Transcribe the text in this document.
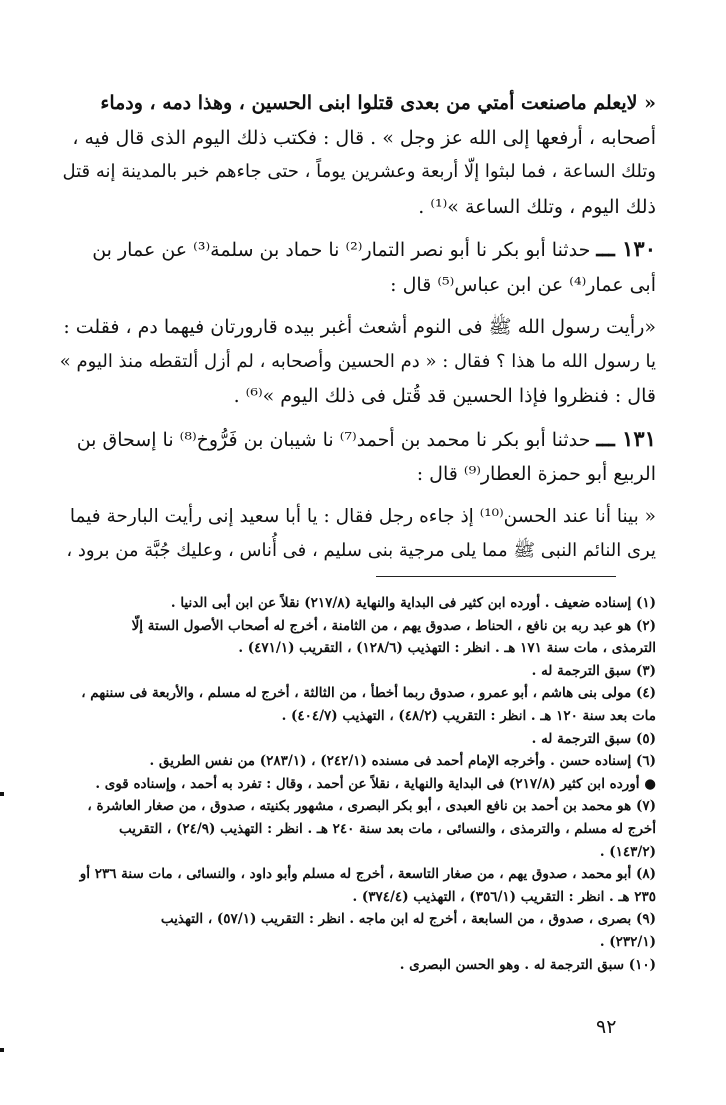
« لايعلم ماصنعت أمتي من بعدى قتلوا ابنى الحسين ، وهذا دمه ، ودماء

أصحابه ، أرفعها إلى الله عز وجل » . قال : فكتب ذلك اليوم الذى قال فيه ،

وتلك الساعة ، فما لبثوا إلّا أربعة وعشرين يوماً ، حتى جاءهم خبر بالمدينة إنه قتل

ذلك اليوم ، وتلك الساعة »⁽¹⁾ .

١٣٠ ـــ حدثنا أبو بكر نا أبو نصر التمار⁽²⁾ نا حماد بن سلمة⁽³⁾ عن عمار بن

أبى عمار⁽⁴⁾ عن ابن عباس⁽⁵⁾ قال :

«رأيت رسول الله ﷺ فى النوم أشعث أغبر بيده قارورتان فيهما دم ، فقلت :

يا رسول الله ما هذا ؟ فقال : « دم الحسين وأصحابه ، لم أزل ألتقطه منذ اليوم »

قال : فنظروا فإذا الحسين قد قُتل فى ذلك اليوم »⁽⁶⁾ .

١٣١ ـــ حدثنا أبو بكر نا محمد بن أحمد⁽⁷⁾ نا شيبان بن فَرُّوخ⁽⁸⁾ نا إسحاق بن

الربيع أبو حمزة العطار⁽⁹⁾ قال :

« بينا أنا عند الحسن⁽¹⁰⁾ إذ جاءه رجل فقال : يا أبا سعيد إنى رأيت البارحة فيما

يرى النائم النبى ﷺ مما يلى مرجية بنى سليم ، فى أُناس ، وعليك جُبَّة من برود ،

(١) إسناده ضعيف . أورده ابن كثير فى البداية والنهاية (٢١٧/٨) نقلاً عن ابن أبى الدنيا .

(٢) هو عبد ربه بن نافع ، الحناط ، صدوق يهم ، من الثامنة ، أخرج له أصحاب الأصول الستة إلّا

الترمذى ، مات سنة ١٧١ هـ . انظر : التهذيب (١٢٨/٦) ، التقريب (٤٧١/١) .

(٣) سبق الترجمة له .

(٤) مولى بنى هاشم ، أبو عمرو ، صدوق ربما أخطأ ، من الثالثة ، أخرج له مسلم ، والأربعة فى سننهم ،

مات بعد سنة ١٢٠ هـ . انظر : التقريب (٤٨/٢) ، التهذيب (٤٠٤/٧) .

(٥) سبق الترجمة له .

(٦) إسناده حسن . وأخرجه الإمام أحمد فى مسنده (٢٤٢/١) ، (٢٨٣/١) من نفس الطريق .

● أورده ابن كثير (٢١٧/٨) فى البداية والنهاية ، نقلاً عن أحمد ، وقال : تفرد به أحمد ، وإسناده قوى .

(٧) هو محمد بن أحمد بن نافع العبدى ، أبو بكر البصرى ، مشهور بكنيته ، صدوق ، من صغار العاشرة ،

أخرج له مسلم ، والترمذى ، والنسائى ، مات بعد سنة ٢٤٠ هـ . انظر : التهذيب (٢٤/٩) ، التقريب

(١٤٣/٢) .

(٨) أبو محمد ، صدوق يهم ، من صغار التاسعة ، أخرج له مسلم وأبو داود ، والنسائى ، مات سنة ٢٣٦ أو

٢٣٥ هـ . انظر : التقريب (٣٥٦/١) ، التهذيب (٣٧٤/٤) .

(٩) بصرى ، صدوق ، من السابعة ، أخرج له ابن ماجه . انظر : التقريب (٥٧/١) ، التهذيب

(٢٣٢/١) .

(١٠) سبق الترجمة له . وهو الحسن البصرى .

٩٢
